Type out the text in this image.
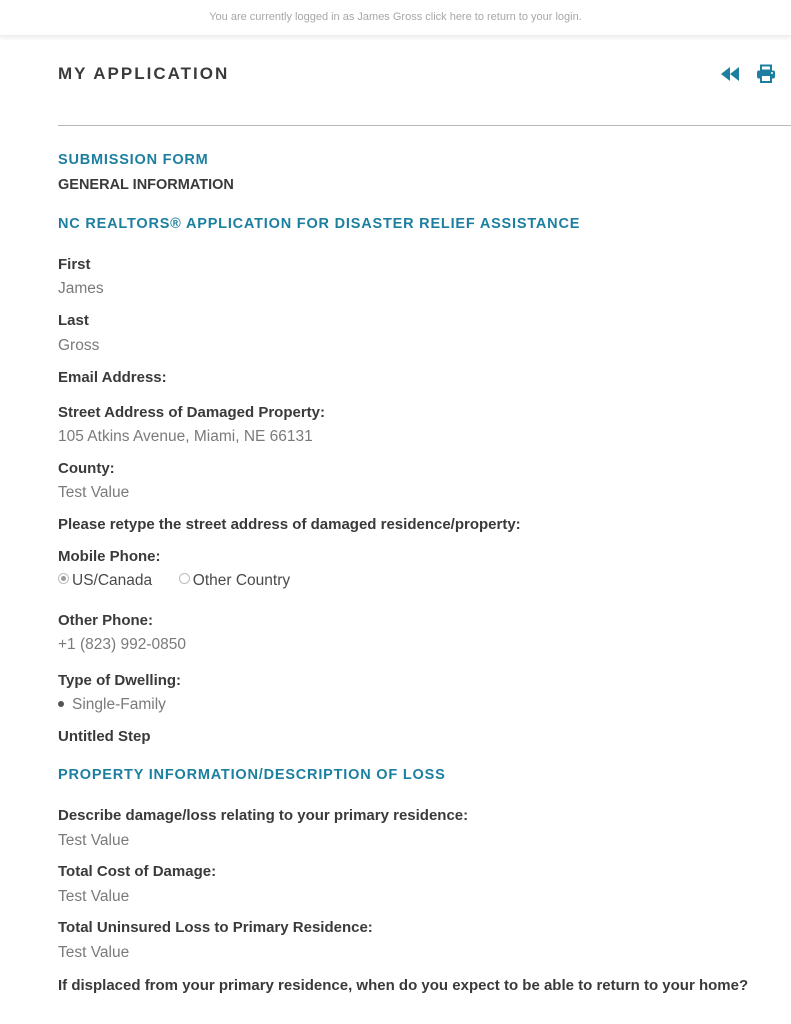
You are currently logged in as James Gross click here to return to your login.
MY APPLICATION

SUBMISSION FORM
GENERAL INFORMATION
NC REALTORS® APPLICATION FOR DISASTER RELIEF ASSISTANCE
First
James
Last
Gross
Email Address:
Street Address of Damaged Property:
105 Atkins Avenue, Miami, NE 66131
County:
Test Value
Please retype the street address of damaged residence/property:
Mobile Phone:
US/Canada	Other Country
Other Phone:
+1 (823) 992-0850
Type of Dwelling:
Single-Family
Untitled Step
PROPERTY INFORMATION/DESCRIPTION OF LOSS
Describe damage/loss relating to your primary residence:
Test Value
Total Cost of Damage:
Test Value
Total Uninsured Loss to Primary Residence:
Test Value
If displaced from your primary residence, when do you expect to be able to return to your home?
